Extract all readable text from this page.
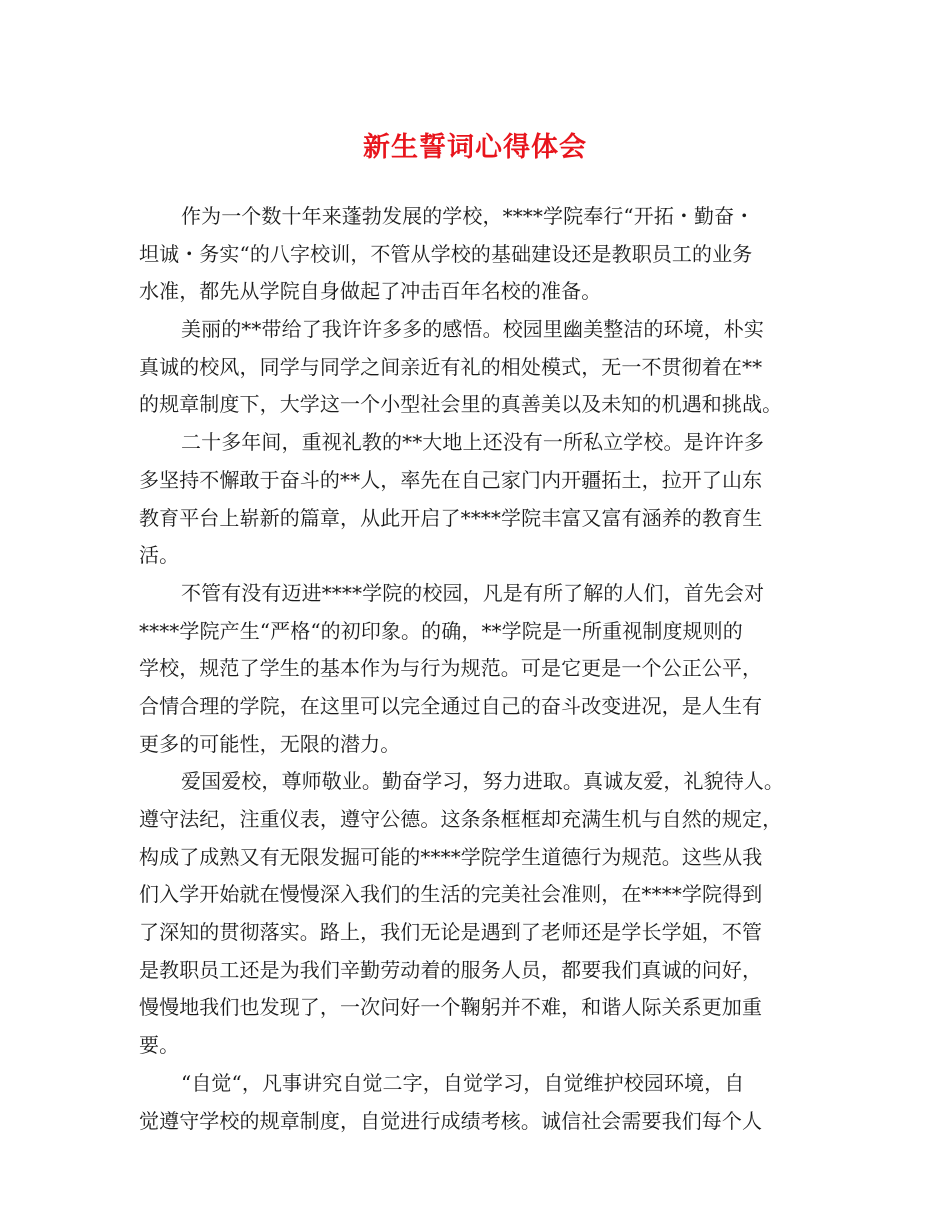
新生誓词心得体会
作为一个数十年来蓬勃发展的学校，****学院奉行“开拓・勤奋・
坦诚・务实“的八字校训，不管从学校的基础建设还是教职员工的业务
水准，都先从学院自身做起了冲击百年名校的准备。
美丽的**带给了我许许多多的感悟。校园里幽美整洁的环境，朴实
真诚的校风，同学与同学之间亲近有礼的相处模式，无一不贯彻着在**
的规章制度下，大学这一个小型社会里的真善美以及未知的机遇和挑战。
二十多年间，重视礼教的**大地上还没有一所私立学校。是许许多
多坚持不懈敢于奋斗的**人，率先在自己家门内开疆拓土，拉开了山东
教育平台上崭新的篇章，从此开启了****学院丰富又富有涵养的教育生
活。
不管有没有迈进****学院的校园，凡是有所了解的人们，首先会对
****学院产生“严格“的初印象。的确，**学院是一所重视制度规则的
学校，规范了学生的基本作为与行为规范。可是它更是一个公正公平，
合情合理的学院，在这里可以完全通过自己的奋斗改变进况，是人生有
更多的可能性，无限的潜力。
爱国爱校，尊师敬业。勤奋学习，努力进取。真诚友爱，礼貌待人。
遵守法纪，注重仪表，遵守公德。这条条框框却充满生机与自然的规定，
构成了成熟又有无限发掘可能的****学院学生道德行为规范。这些从我
们入学开始就在慢慢深入我们的生活的完美社会准则，在****学院得到
了深知的贯彻落实。路上，我们无论是遇到了老师还是学长学姐，不管
是教职员工还是为我们辛勤劳动着的服务人员，都要我们真诚的问好，
慢慢地我们也发现了，一次问好一个鞠躬并不难，和谐人际关系更加重
要。
“自觉“，凡事讲究自觉二字，自觉学习，自觉维护校园环境，自
觉遵守学校的规章制度，自觉进行成绩考核。诚信社会需要我们每个人
